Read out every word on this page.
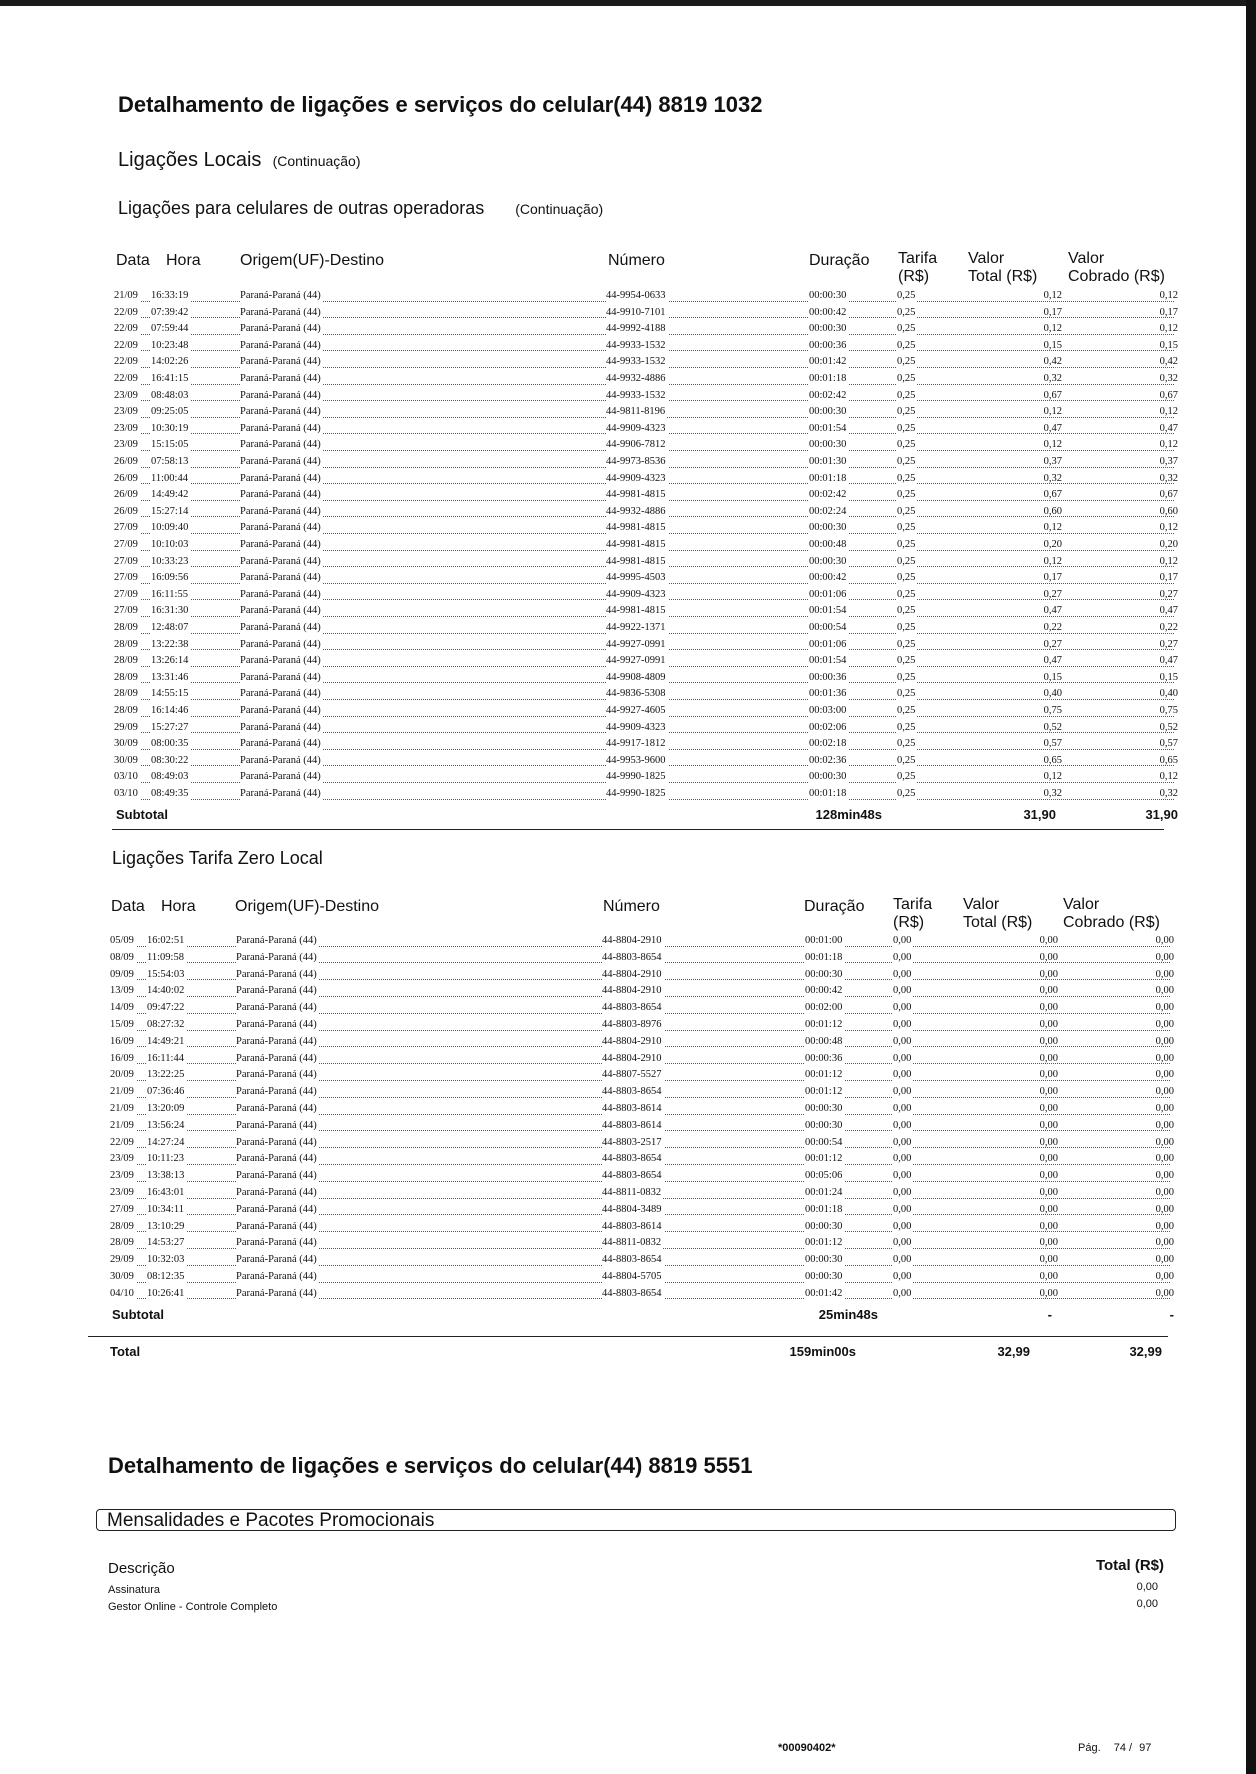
Detalhamento de ligações e serviços do celular(44) 8819 1032
Ligações Locais (Continuação)
Ligações para celulares de outras operadoras (Continuação)
Data Hora Origem(UF)-Destino	Número	Duração Tarifa
(R$)
Valor
Total (R$)
Valor
Cobrado (R$)
21/09 16:33:19	Paraná-Paraná (44)	44-9954-0633	00:00:30	0,25	0,12	0,12
22/09 07:39:42	Paraná-Paraná (44)	44-9910-7101	00:00:42	0,25	0,17	0,17
22/09 07:59:44	Paraná-Paraná (44)	44-9992-4188	00:00:30	0,25	0,12	0,12
22/09 10:23:48	Paraná-Paraná (44)	44-9933-1532	00:00:36	0,25	0,15	0,15
22/09 14:02:26	Paraná-Paraná (44)	44-9933-1532	00:01:42	0,25	0,42	0,42
22/09 16:41:15	Paraná-Paraná (44)	44-9932-4886	00:01:18	0,25	0,32	0,32
23/09 08:48:03	Paraná-Paraná (44)	44-9933-1532	00:02:42	0,25	0,67	0,67
23/09 09:25:05	Paraná-Paraná (44)	44-9811-8196	00:00:30	0,25	0,12	0,12
23/09 10:30:19	Paraná-Paraná (44)	44-9909-4323	00:01:54	0,25	0,47	0,47
23/09 15:15:05	Paraná-Paraná (44)	44-9906-7812	00:00:30	0,25	0,12	0,12
26/09 07:58:13	Paraná-Paraná (44)	44-9973-8536	00:01:30	0,25	0,37	0,37
26/09 11:00:44	Paraná-Paraná (44)	44-9909-4323	00:01:18	0,25	0,32	0,32
26/09 14:49:42	Paraná-Paraná (44)	44-9981-4815	00:02:42	0,25	0,67	0,67
26/09 15:27:14	Paraná-Paraná (44)	44-9932-4886	00:02:24	0,25	0,60	0,60
27/09 10:09:40	Paraná-Paraná (44)	44-9981-4815	00:00:30	0,25	0,12	0,12
27/09 10:10:03	Paraná-Paraná (44)	44-9981-4815	00:00:48	0,25	0,20	0,20
27/09 10:33:23	Paraná-Paraná (44)	44-9981-4815	00:00:30	0,25	0,12	0,12
27/09 16:09:56	Paraná-Paraná (44)	44-9995-4503	00:00:42	0,25	0,17	0,17
27/09 16:11:55	Paraná-Paraná (44)	44-9909-4323	00:01:06	0,25	0,27	0,27
27/09 16:31:30	Paraná-Paraná (44)	44-9981-4815	00:01:54	0,25	0,47	0,47
28/09 12:48:07	Paraná-Paraná (44)	44-9922-1371	00:00:54	0,25	0,22	0,22
28/09 13:22:38	Paraná-Paraná (44)	44-9927-0991	00:01:06	0,25	0,27	0,27
28/09 13:26:14	Paraná-Paraná (44)	44-9927-0991	00:01:54	0,25	0,47	0,47
28/09 13:31:46	Paraná-Paraná (44)	44-9908-4809	00:00:36	0,25	0,15	0,15
28/09 14:55:15	Paraná-Paraná (44)	44-9836-5308	00:01:36	0,25	0,40	0,40
28/09 16:14:46	Paraná-Paraná (44)	44-9927-4605	00:03:00	0,25	0,75	0,75
29/09 15:27:27	Paraná-Paraná (44)	44-9909-4323	00:02:06	0,25	0,52	0,52
30/09 08:00:35	Paraná-Paraná (44)	44-9917-1812	00:02:18	0,25	0,57	0,57
30/09 08:30:22	Paraná-Paraná (44)	44-9953-9600	00:02:36	0,25	0,65	0,65
03/10 08:49:03	Paraná-Paraná (44)	44-9990-1825	00:00:30	0,25	0,12	0,12
03/10 08:49:35	Paraná-Paraná (44)	44-9990-1825	00:01:18	0,25	0,32	0,32
Subtotal	128min48s	31,90	31,90
Ligações Tarifa Zero Local
Data Hora Origem(UF)-Destino	Número	Duração Tarifa
(R$)
Valor
Total (R$)
Valor
Cobrado (R$)
05/09 16:02:51	Paraná-Paraná (44)	44-8804-2910	00:01:00	0,00	0,00	0,00
08/09 11:09:58	Paraná-Paraná (44)	44-8803-8654	00:01:18	0,00	0,00	0,00
09/09 15:54:03	Paraná-Paraná (44)	44-8804-2910	00:00:30	0,00	0,00	0,00
13/09 14:40:02	Paraná-Paraná (44)	44-8804-2910	00:00:42	0,00	0,00	0,00
14/09 09:47:22	Paraná-Paraná (44)	44-8803-8654	00:02:00	0,00	0,00	0,00
15/09 08:27:32	Paraná-Paraná (44)	44-8803-8976	00:01:12	0,00	0,00	0,00
16/09 14:49:21	Paraná-Paraná (44)	44-8804-2910	00:00:48	0,00	0,00	0,00
16/09 16:11:44	Paraná-Paraná (44)	44-8804-2910	00:00:36	0,00	0,00	0,00
20/09 13:22:25	Paraná-Paraná (44)	44-8807-5527	00:01:12	0,00	0,00	0,00
21/09 07:36:46	Paraná-Paraná (44)	44-8803-8654	00:01:12	0,00	0,00	0,00
21/09 13:20:09	Paraná-Paraná (44)	44-8803-8614	00:00:30	0,00	0,00	0,00
21/09 13:56:24	Paraná-Paraná (44)	44-8803-8614	00:00:30	0,00	0,00	0,00
22/09 14:27:24	Paraná-Paraná (44)	44-8803-2517	00:00:54	0,00	0,00	0,00
23/09 10:11:23	Paraná-Paraná (44)	44-8803-8654	00:01:12	0,00	0,00	0,00
23/09 13:38:13	Paraná-Paraná (44)	44-8803-8654	00:05:06	0,00	0,00	0,00
23/09 16:43:01	Paraná-Paraná (44)	44-8811-0832	00:01:24	0,00	0,00	0,00
27/09 10:34:11	Paraná-Paraná (44)	44-8804-3489	00:01:18	0,00	0,00	0,00
28/09 13:10:29	Paraná-Paraná (44)	44-8803-8614	00:00:30	0,00	0,00	0,00
28/09 14:53:27	Paraná-Paraná (44)	44-8811-0832	00:01:12	0,00	0,00	0,00
29/09 10:32:03	Paraná-Paraná (44)	44-8803-8654	00:00:30	0,00	0,00	0,00
30/09 08:12:35	Paraná-Paraná (44)	44-8804-5705	00:00:30	0,00	0,00	0,00
04/10 10:26:41	Paraná-Paraná (44)	44-8803-8654	00:01:42	0,00	0,00	0,00
Subtotal	25min48s	-	-
Total	159min00s	32,99	32,99
Detalhamento de ligações e serviços do celular(44) 8819 5551
Mensalidades e Pacotes Promocionais
Descrição	Total (R$)
Assinatura	0,00
Gestor Online - Controle Completo	0,00
*00090402*	Pág. 74 / 97
